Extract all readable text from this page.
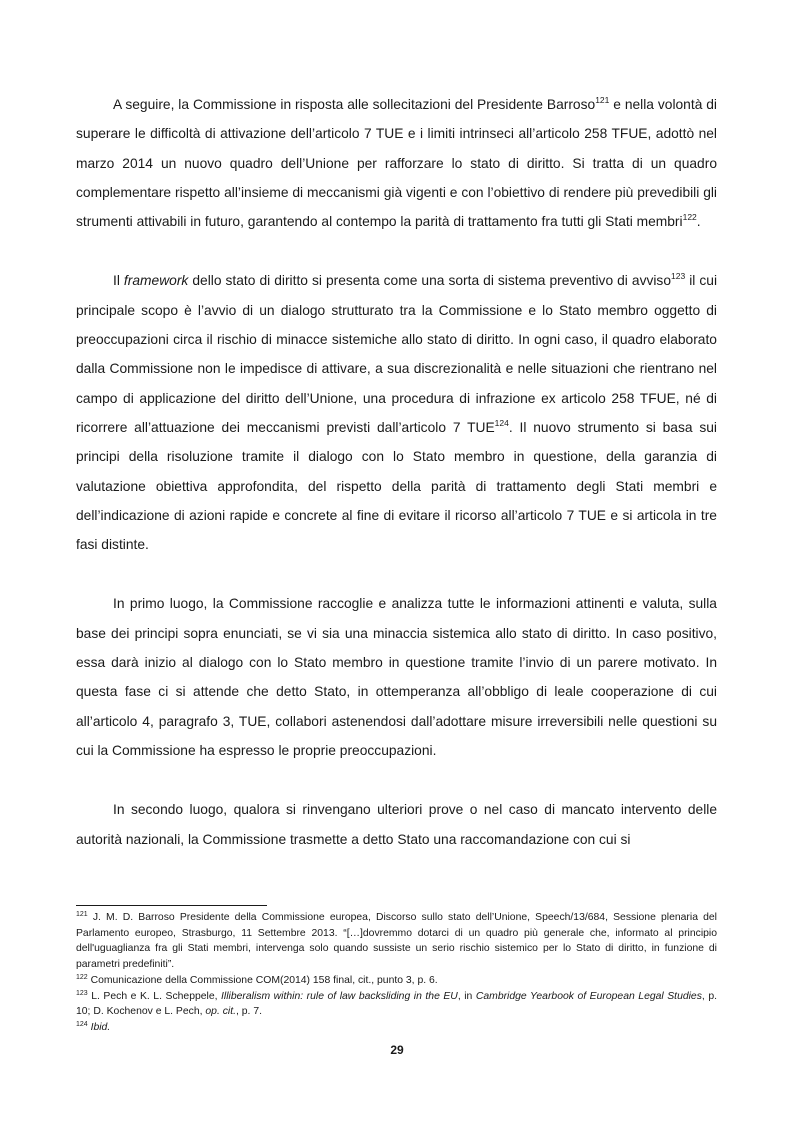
A seguire, la Commissione in risposta alle sollecitazioni del Presidente Barroso$^{121}$ e nella volontà di superare le difficoltà di attivazione dell’articolo 7 TUE e i limiti intrinseci all’articolo 258 TFUE, adottò nel marzo 2014 un nuovo quadro dell’Unione per rafforzare lo stato di diritto. Si tratta di un quadro complementare rispetto all’insieme di meccanismi già vigenti e con l’obiettivo di rendere più prevedibili gli strumenti attivabili in futuro, garantendo al contempo la parità di trattamento fra tutti gli Stati membri$^{122}$.

Il framework dello stato di diritto si presenta come una sorta di sistema preventivo di avviso$^{123}$ il cui principale scopo è l’avvio di un dialogo strutturato tra la Commissione e lo Stato membro oggetto di preoccupazioni circa il rischio di minacce sistemiche allo stato di diritto. In ogni caso, il quadro elaborato dalla Commissione non le impedisce di attivare, a sua discrezionalità e nelle situazioni che rientrano nel campo di applicazione del diritto dell’Unione, una procedura di infrazione ex articolo 258 TFUE, né di ricorrere all’attuazione dei meccanismi previsti dall’articolo 7 TUE$^{124}$. Il nuovo strumento si basa sui principi della risoluzione tramite il dialogo con lo Stato membro in questione, della garanzia di valutazione obiettiva approfondita, del rispetto della parità di trattamento degli Stati membri e dell’indicazione di azioni rapide e concrete al fine di evitare il ricorso all’articolo 7 TUE e si articola in tre fasi distinte.

In primo luogo, la Commissione raccoglie e analizza tutte le informazioni attinenti e valuta, sulla base dei principi sopra enunciati, se vi sia una minaccia sistemica allo stato di diritto. In caso positivo, essa darà inizio al dialogo con lo Stato membro in questione tramite l’invio di un parere motivato. In questa fase ci si attende che detto Stato, in ottemperanza all’obbligo di leale cooperazione di cui all’articolo 4, paragrafo 3, TUE, collabori astenendosi dall’adottare misure irreversibili nelle questioni su cui la Commissione ha espresso le proprie preoccupazioni.

In secondo luogo, qualora si rinvengano ulteriori prove o nel caso di mancato intervento delle autorità nazionali, la Commissione trasmette a detto Stato una raccomandazione con cui si

$^{121}$ J. M. D. Barroso Presidente della Commissione europea, Discorso sullo stato dell’Unione, Speech/13/684, Sessione plenaria del Parlamento europeo, Strasburgo, 11 Settembre 2013. “[…]dovremmo dotarci di un quadro più generale che, informato al principio dell'uguaglianza fra gli Stati membri, intervenga solo quando sussiste un serio rischio sistemico per lo Stato di diritto, in funzione di parametri predefiniti”.

$^{122}$ Comunicazione della Commissione COM(2014) 158 final, cit., punto 3, p. 6.

$^{123}$ L. Pech e K. L. Scheppele, Illiberalism within: rule of law backsliding in the EU, in Cambridge Yearbook of European Legal Studies, p. 10; D. Kochenov e L. Pech, op. cit., p. 7.

$^{124}$ Ibid.

29
